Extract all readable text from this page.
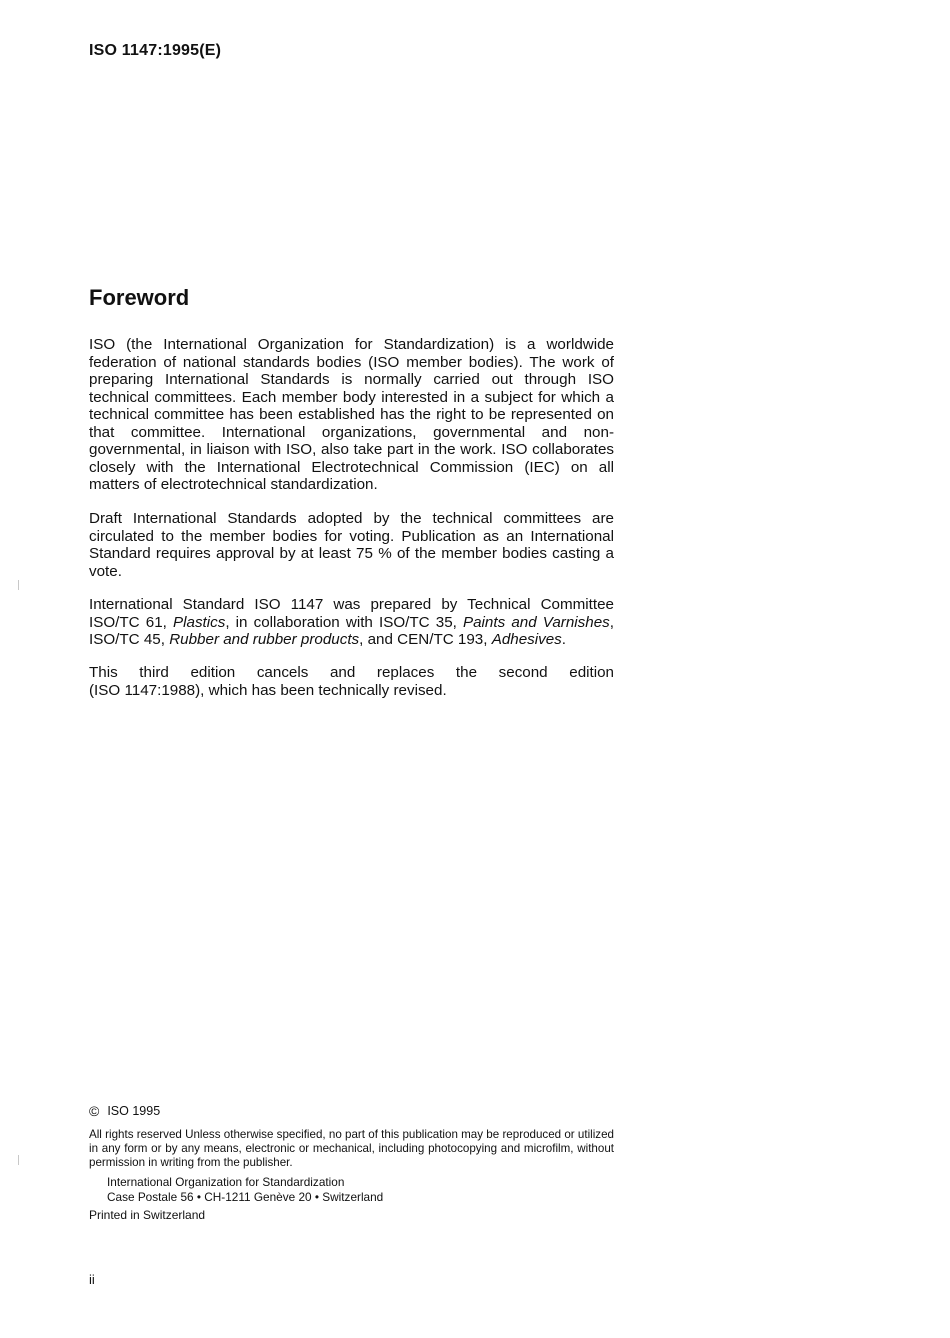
ISO 1147:1995(E)
Foreword

ISO (the International Organization for Standardization) is a worldwide federation of national standards bodies (ISO member bodies). The work of preparing International Standards is normally carried out through ISO technical committees. Each member body interested in a subject for which a technical committee has been established has the right to be represented on that committee. International organizations, governmental and non-governmental, in liaison with ISO, also take part in the work. ISO collaborates closely with the International Electrotechnical Commission (IEC) on all matters of electrotechnical standardization.

Draft International Standards adopted by the technical committees are circulated to the member bodies for voting. Publication as an International Standard requires approval by at least 75 % of the member bodies casting a vote.

International Standard ISO 1147 was prepared by Technical Committee ISO/TC 61, Plastics, in collaboration with ISO/TC 35, Paints and Varnishes, ISO/TC 45, Rubber and rubber products, and CEN/TC 193, Adhesives.

This third edition cancels and replaces the second edition
(ISO 1147:1988), which has been technically revised.

© ISO 1995

All rights reserved Unless otherwise specified, no part of this publication may be reproduced or utilized in any form or by any means, electronic or mechanical, including photocopying and microfilm, without permission in writing from the publisher.

International Organization for Standardization
Case Postale 56 • CH-1211 Genève 20 • Switzerland
Printed in Switzerland
ii
